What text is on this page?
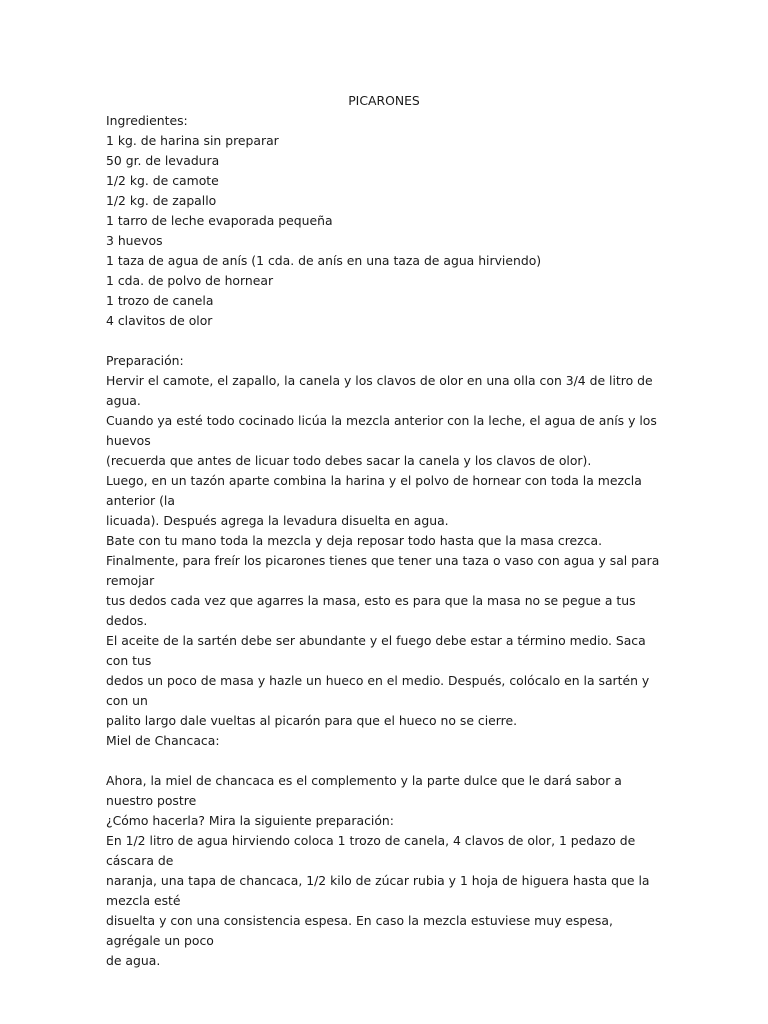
PICARONES

Ingredientes:

1 kg. de harina sin preparar

50 gr. de levadura

1/2 kg. de camote

1/2 kg. de zapallo

1 tarro de leche evaporada pequeña

3 huevos

1 taza de agua de anís (1 cda. de anís en una taza de agua hirviendo)

1 cda. de polvo de hornear

1 trozo de canela

4 clavitos de olor

Preparación:

Hervir el camote, el zapallo, la canela y los clavos de olor en una olla con 3/4 de litro de agua.

Cuando ya esté todo cocinado licúa la mezcla anterior con la leche, el agua de anís y los huevos

(recuerda que antes de licuar todo debes sacar la canela y los clavos de olor).

Luego, en un tazón aparte combina la harina y el polvo de hornear con toda la mezcla anterior (la

licuada). Después agrega la levadura disuelta en agua.

Bate con tu mano toda la mezcla y deja reposar todo hasta que la masa crezca.

Finalmente, para freír los picarones tienes que tener una taza o vaso con agua y sal para remojar

tus dedos cada vez que agarres la masa, esto es para que la masa no se pegue a tus dedos.

El aceite de la sartén debe ser abundante y el fuego debe estar a término medio. Saca con tus

dedos un poco de masa y hazle un hueco en el medio. Después, colócalo en la sartén y con un

palito largo dale vueltas al picarón para que el hueco no se cierre.

Miel de Chancaca:

Ahora, la miel de chancaca es el complemento y la parte dulce que le dará sabor a nuestro postre

¿Cómo hacerla? Mira la siguiente preparación:

En 1/2 litro de agua hirviendo coloca 1 trozo de canela, 4 clavos de olor, 1 pedazo de cáscara de

naranja, una tapa de chancaca, 1/2 kilo de zúcar rubia y 1 hoja de higuera hasta que la mezcla esté

disuelta y con una consistencia espesa. En caso la mezcla estuviese muy espesa, agrégale un poco

de agua.
